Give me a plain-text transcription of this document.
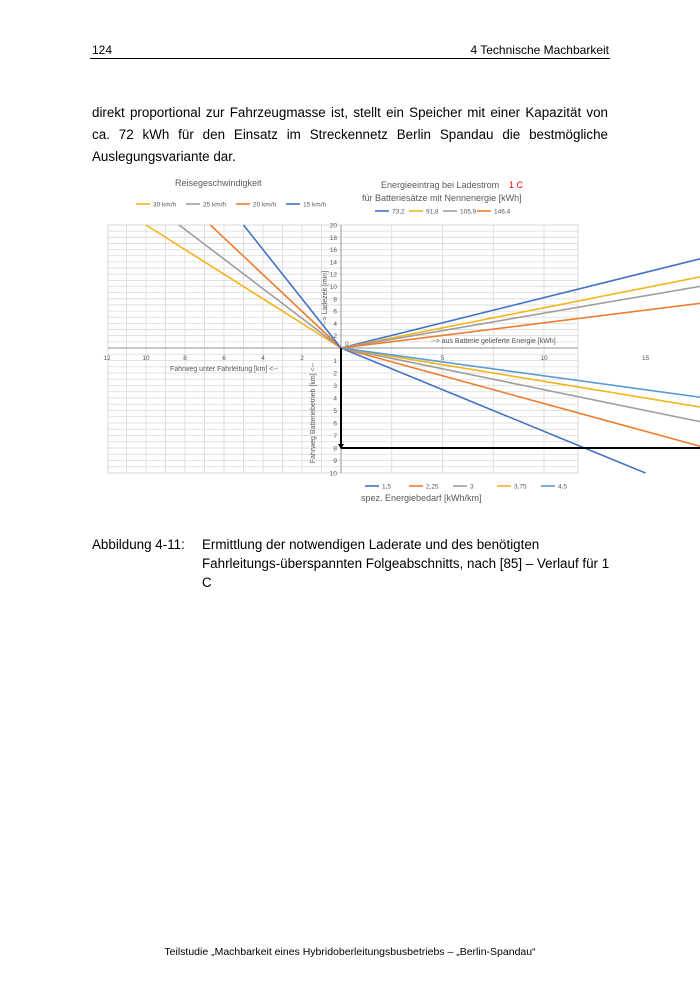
124	4 Technische Machbarkeit

direkt proportional zur Fahrzeugmasse ist, stellt ein Speicher mit einer Kapazität von ca. 72 kWh für den Einsatz im Streckennetz Berlin Spandau die bestmögliche Auslegungsvariante dar.

5	10	15
12	10	8	6	4	2
0
2
4
6
8
10
12
14
16
18
20
1
2
3
4
5
6
7
8
9
10
Fahrweg unter Fahrleitung [km] <--
--> Ladezeit [min]
Fahrweg Batteriebetrieb [km] <--
--> aus Batterie gelieferte Energie [kWh]
spez. Energiebedarf [kWh/km]
Reisegeschwindigkeit	Energieeintrag bei Ladestrom
für Batteriesätze mit Nennenergie [kWh]
1 C
30 km/h	25 km/h	20 km/h	15 km/h
73,2	91,8	105,9	146,4
1,5	2,25	3	3,75	4,5
Abbildung 4-11: Ermittlung der notwendigen Laderate und des benötigten Fahrleitungs-überspannten Folgeabschnitts, nach [85] – Verlauf für 1 C
Teilstudie „Machbarkeit eines Hybridoberleitungsbusbetriebs – „Berlin-Spandau“
